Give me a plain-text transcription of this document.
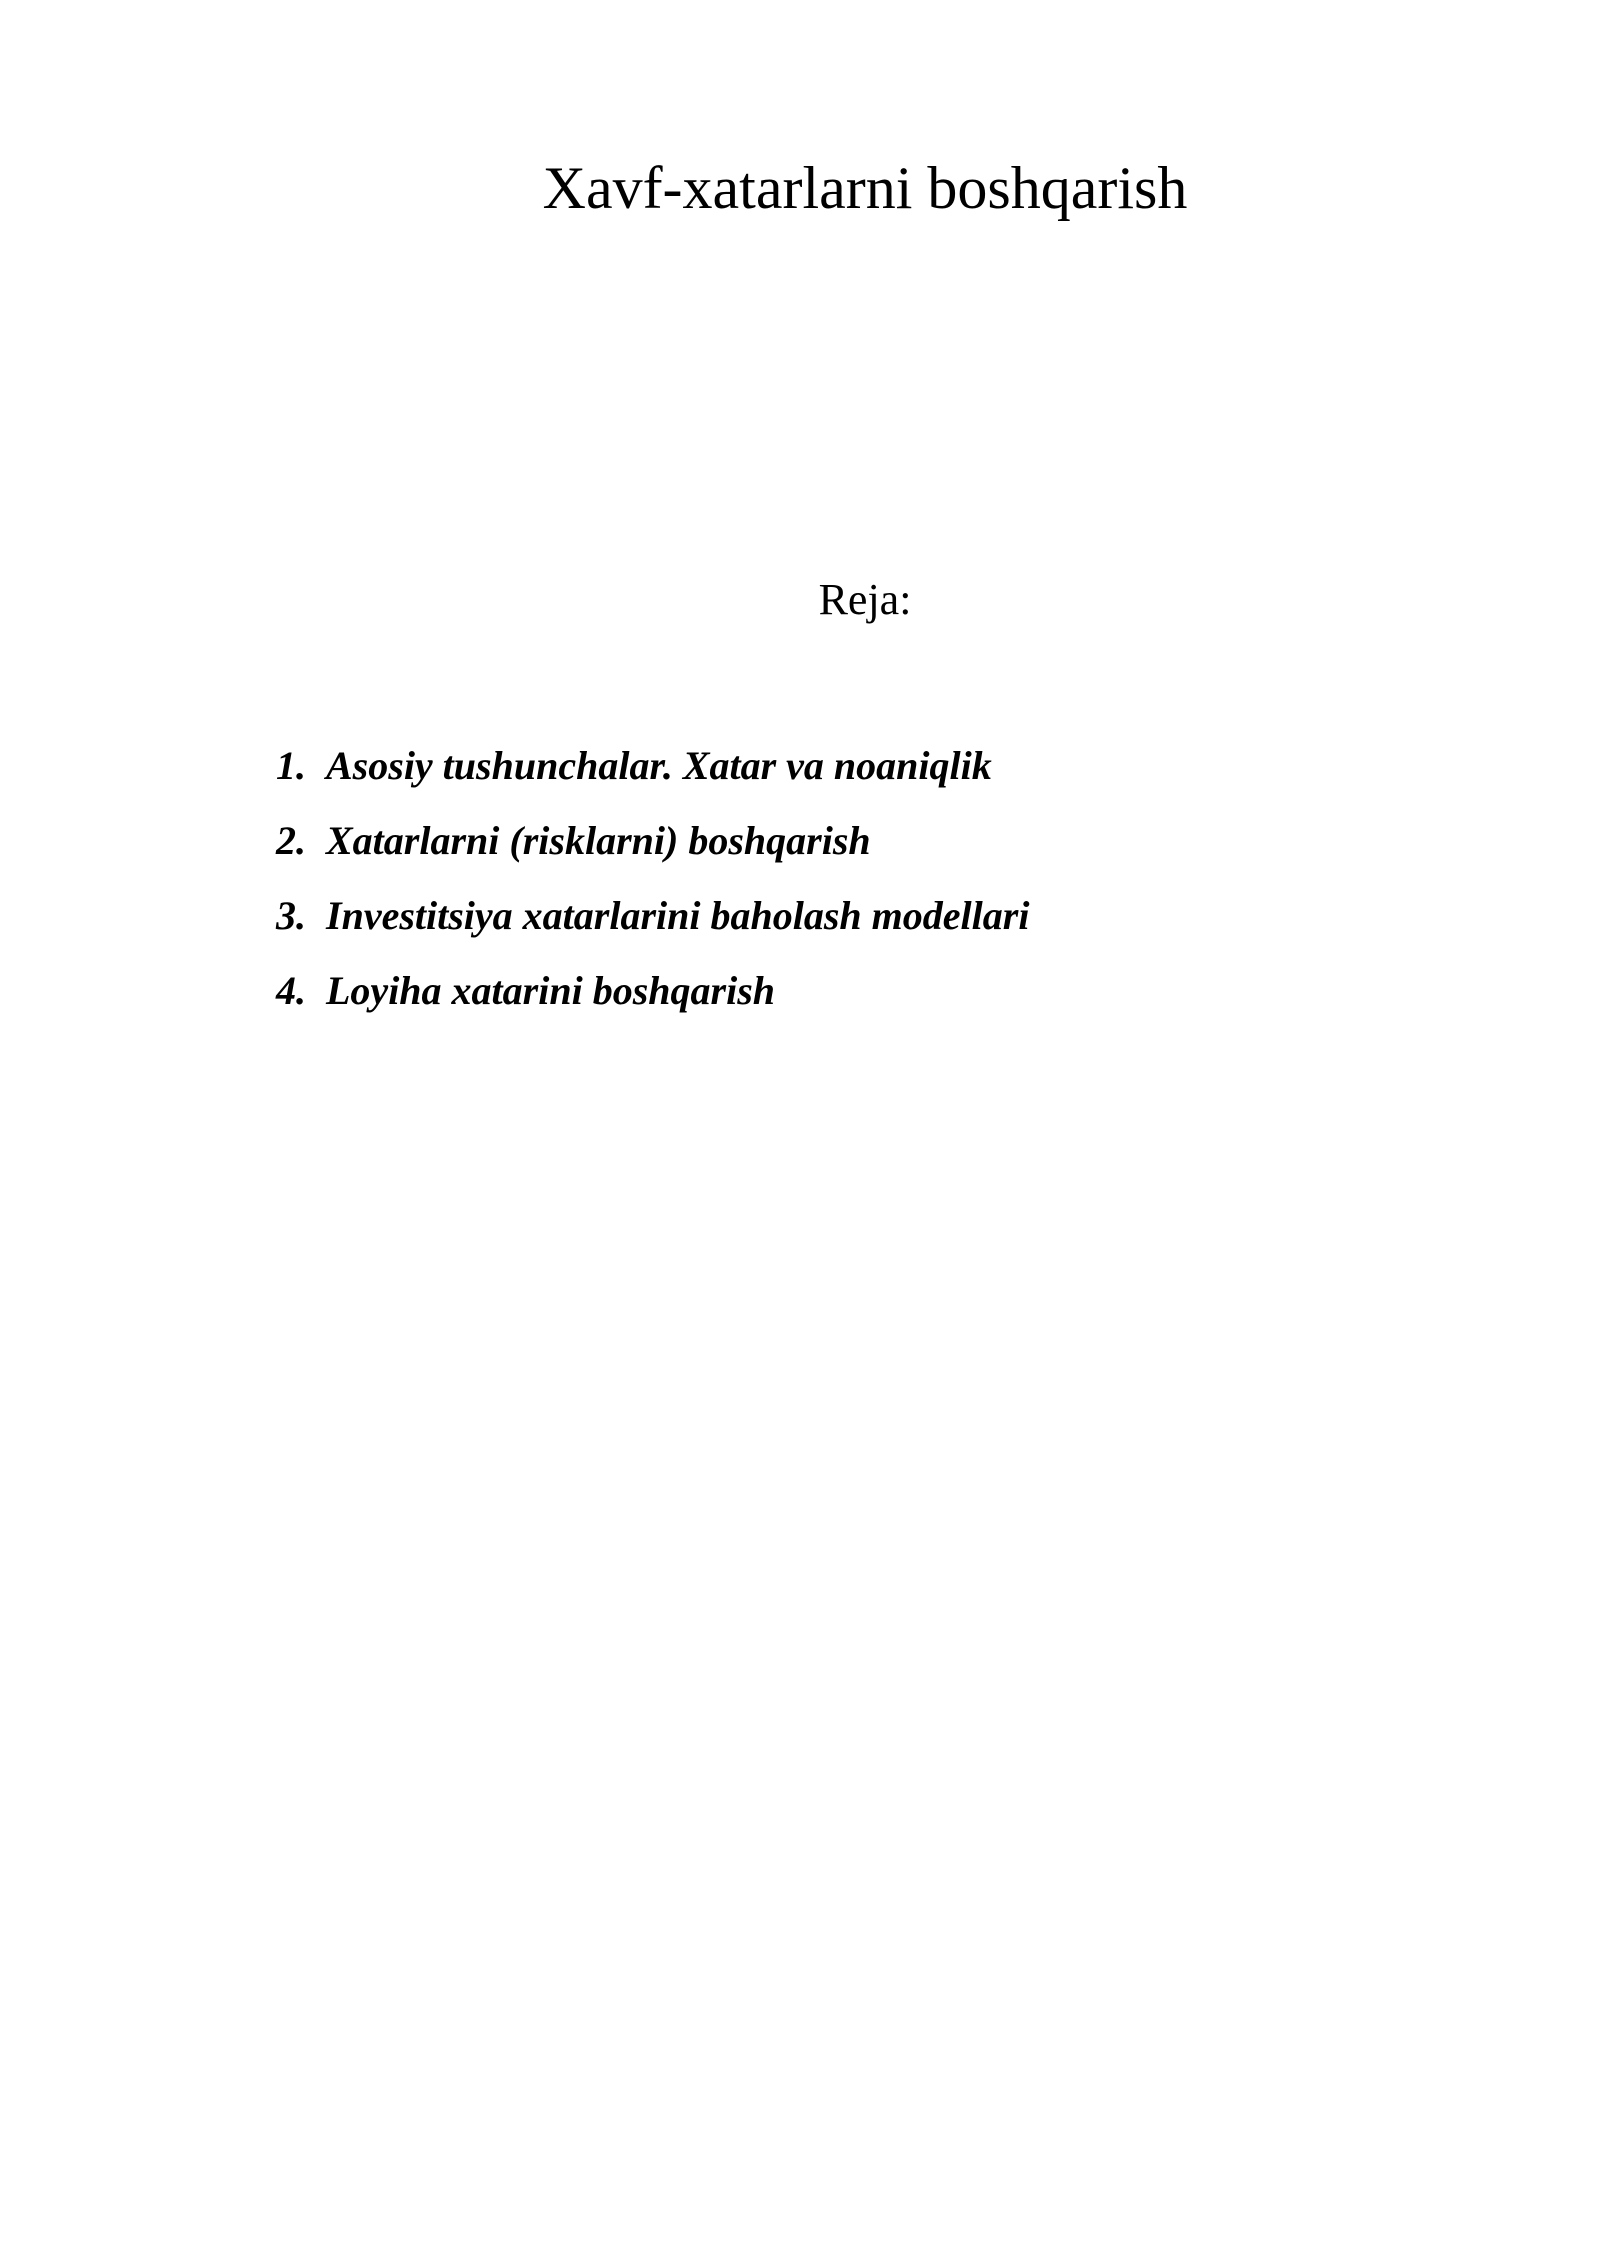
Xavf-xatarlarni boshqarish
Reja:
1. Asosiy tushunchalar. Xatar va noaniqlik
2. Xatarlarni (risklarni) boshqarish
3. Investitsiya xatarlarini baholash modellari
4. Loyiha xatarini boshqarish
